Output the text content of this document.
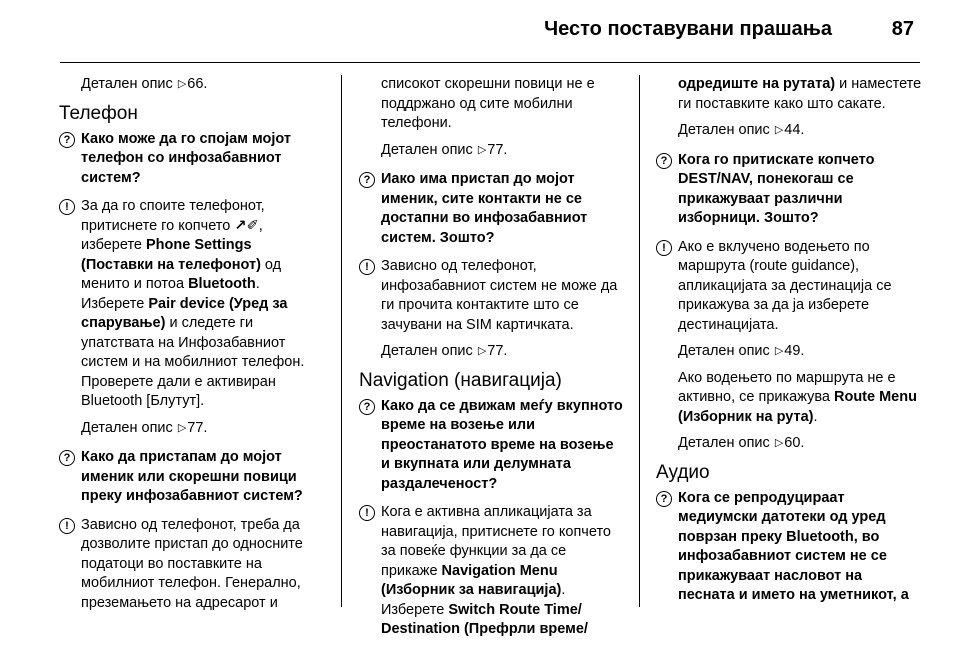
Често поставувани прашања	87
Детален опис ▷66.
Телефон
? Како може да го спојам мојот телефон со инфозабавниот систем?
! За да го споите телефонот, притиснете го копчето ↗✐, изберете Phone Settings (Поставки на телефонот) од менито и потоа Bluetooth. Изберете Pair device (Уред за спарување) и следете ги упатствата на Инфозабавниот систем и на мобилниот телефон. Проверете дали е активиран Bluetooth [Блутут].
Детален опис ▷77.
? Како да пристапам до мојот именик или скорешни повици преку инфозабавниот систем?
! Зависно од телефонот, треба да дозволите пристап до односните податоци во поставките на мобилниот телефон. Генерално, преземањето на адресарот и
списокот скорешни повици не е поддржано од сите мобилни телефони.
Детален опис ▷77.
? Иако има пристап до мојот именик, сите контакти не се достапни во инфозабавниот систем. Зошто?
! Зависно од телефонот, инфозабавниот систем не може да ги прочита контактите што се зачувани на SIM картичката.
Детален опис ▷77.
Navigation (навигација)
? Како да се движам меѓу вкупното време на возење или преостанатото време на возење и вкупната или делумната раздалеченост?
! Кога е активна апликацијата за навигација, притиснете го копчето за повеќе функции за да се прикаже Navigation Menu (Изборник за навигација). Изберете Switch Route Time/ Destination (Префрли време/
одредиште на рутата) и наместете ги поставките како што сакате.
Детален опис ▷44.
? Кога го притискате копчето DEST/NAV, понекогаш се прикажуваат различни изборници. Зошто?
! Ако е вклучено водењето по маршрута (route guidance), апликацијата за дестинација се прикажува за да ја изберете дестинацијата.
Детален опис ▷49.
Ако водењето по маршрута не е активно, се прикажува Route Menu (Изборник на рута).
Детален опис ▷60.
Аудио
? Кога се репродуцираат медиумски датотеки од уред поврзан преку Bluetooth, во инфозабавниот систем не се прикажуваат насловот на песната и името на уметникот, а
